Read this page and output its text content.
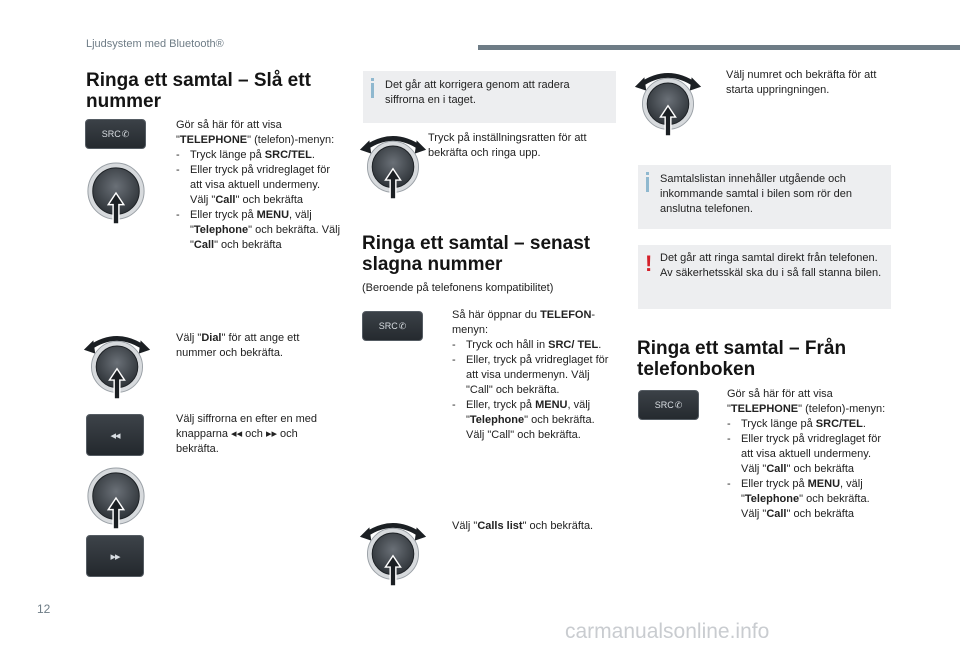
Ljudsystem med Bluetooth®
Ringa ett samtal – Slå ett nummer
SRC ✆
Gör så här för att visa "TELEPHONE" (telefon)-menyn:
- Tryck länge på SRC/TEL.
- Eller tryck på vridreglaget för att visa aktuell undermeny. Välj "Call" och bekräfta
- Eller tryck på MENU, välj "Telephone" och bekräfta. Välj "Call" och bekräfta
Välj "Dial" för att ange ett nummer och bekräfta.
◂◂
Välj siffrorna en efter en med knapparna ◂◂ och ▸▸ och bekräfta.
▸▸
Det går att korrigera genom att radera siffrorna en i taget.
Tryck på inställningsratten för att bekräfta och ringa upp.
Ringa ett samtal – senast slagna nummer
(Beroende på telefonens kompatibilitet)
SRC ✆
Så här öppnar du TELEFON-menyn:
- Tryck och håll in SRC/ TEL.
- Eller, tryck på vridreglaget för att visa undermenyn. Välj "Call" och bekräfta.
- Eller, tryck på MENU, välj "Telephone" och bekräfta. Välj "Call" och bekräfta.
Välj "Calls list" och bekräfta.
Välj numret och bekräfta för att starta uppringningen.
Samtalslistan innehåller utgående och inkommande samtal i bilen som rör den anslutna telefonen.
! Det går att ringa samtal direkt från telefonen. Av säkerhetsskäl ska du i så fall stanna bilen.
Ringa ett samtal – Från telefonboken
SRC ✆
Gör så här för att visa "TELEPHONE" (telefon)-menyn:
- Tryck länge på SRC/TEL.
- Eller tryck på vridreglaget för att visa aktuell undermeny. Välj "Call" och bekräfta
- Eller tryck på MENU, välj "Telephone" och bekräfta. Välj "Call" och bekräfta
12
carmanualsonline.info
